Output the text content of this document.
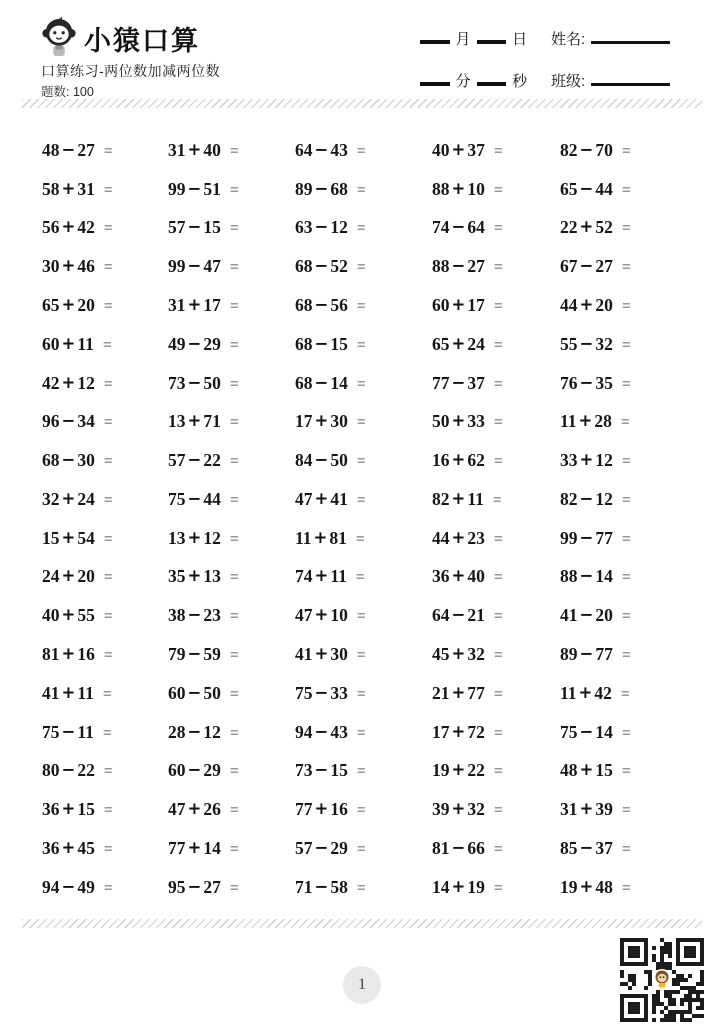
小猿口算
口算练习-两位数加减两位数
题数: 100
月	日 姓名:
分	秒 班级:
48 − 27 =	31 + 40 =	64 − 43 =	40 + 37 =	82 − 70 =
58 + 31 =	99 − 51 =	89 − 68 =	88 + 10 =	65 − 44 =
56 + 42 =	57 − 15 =	63 − 12 =	74 − 64 =	22 + 52 =
30 + 46 =	99 − 47 =	68 − 52 =	88 − 27 =	67 − 27 =
65 + 20 =	31 + 17 =	68 − 56 =	60 + 17 =	44 + 20 =
60 + 11 =	49 − 29 =	68 − 15 =	65 + 24 =	55 − 32 =
42 + 12 =	73 − 50 =	68 − 14 =	77 − 37 =	76 − 35 =
96 − 34 =	13 + 71 =	17 + 30 =	50 + 33 =	11 + 28 =
68 − 30 =	57 − 22 =	84 − 50 =	16 + 62 =	33 + 12 =
32 + 24 =	75 − 44 =	47 + 41 =	82 + 11 =	82 − 12 =
15 + 54 =	13 + 12 =	11 + 81 =	44 + 23 =	99 − 77 =
24 + 20 =	35 + 13 =	74 + 11 =	36 + 40 =	88 − 14 =
40 + 55 =	38 − 23 =	47 + 10 =	64 − 21 =	41 − 20 =
81 + 16 =	79 − 59 =	41 + 30 =	45 + 32 =	89 − 77 =
41 + 11 =	60 − 50 =	75 − 33 =	21 + 77 =	11 + 42 =
75 − 11 =	28 − 12 =	94 − 43 =	17 + 72 =	75 − 14 =
80 − 22 =	60 − 29 =	73 − 15 =	19 + 22 =	48 + 15 =
36 + 15 =	47 + 26 =	77 + 16 =	39 + 32 =	31 + 39 =
36 + 45 =	77 + 14 =	57 − 29 =	81 − 66 =	85 − 37 =
94 − 49 =	95 − 27 =	71 − 58 =	14 + 19 =	19 + 48 =
1
